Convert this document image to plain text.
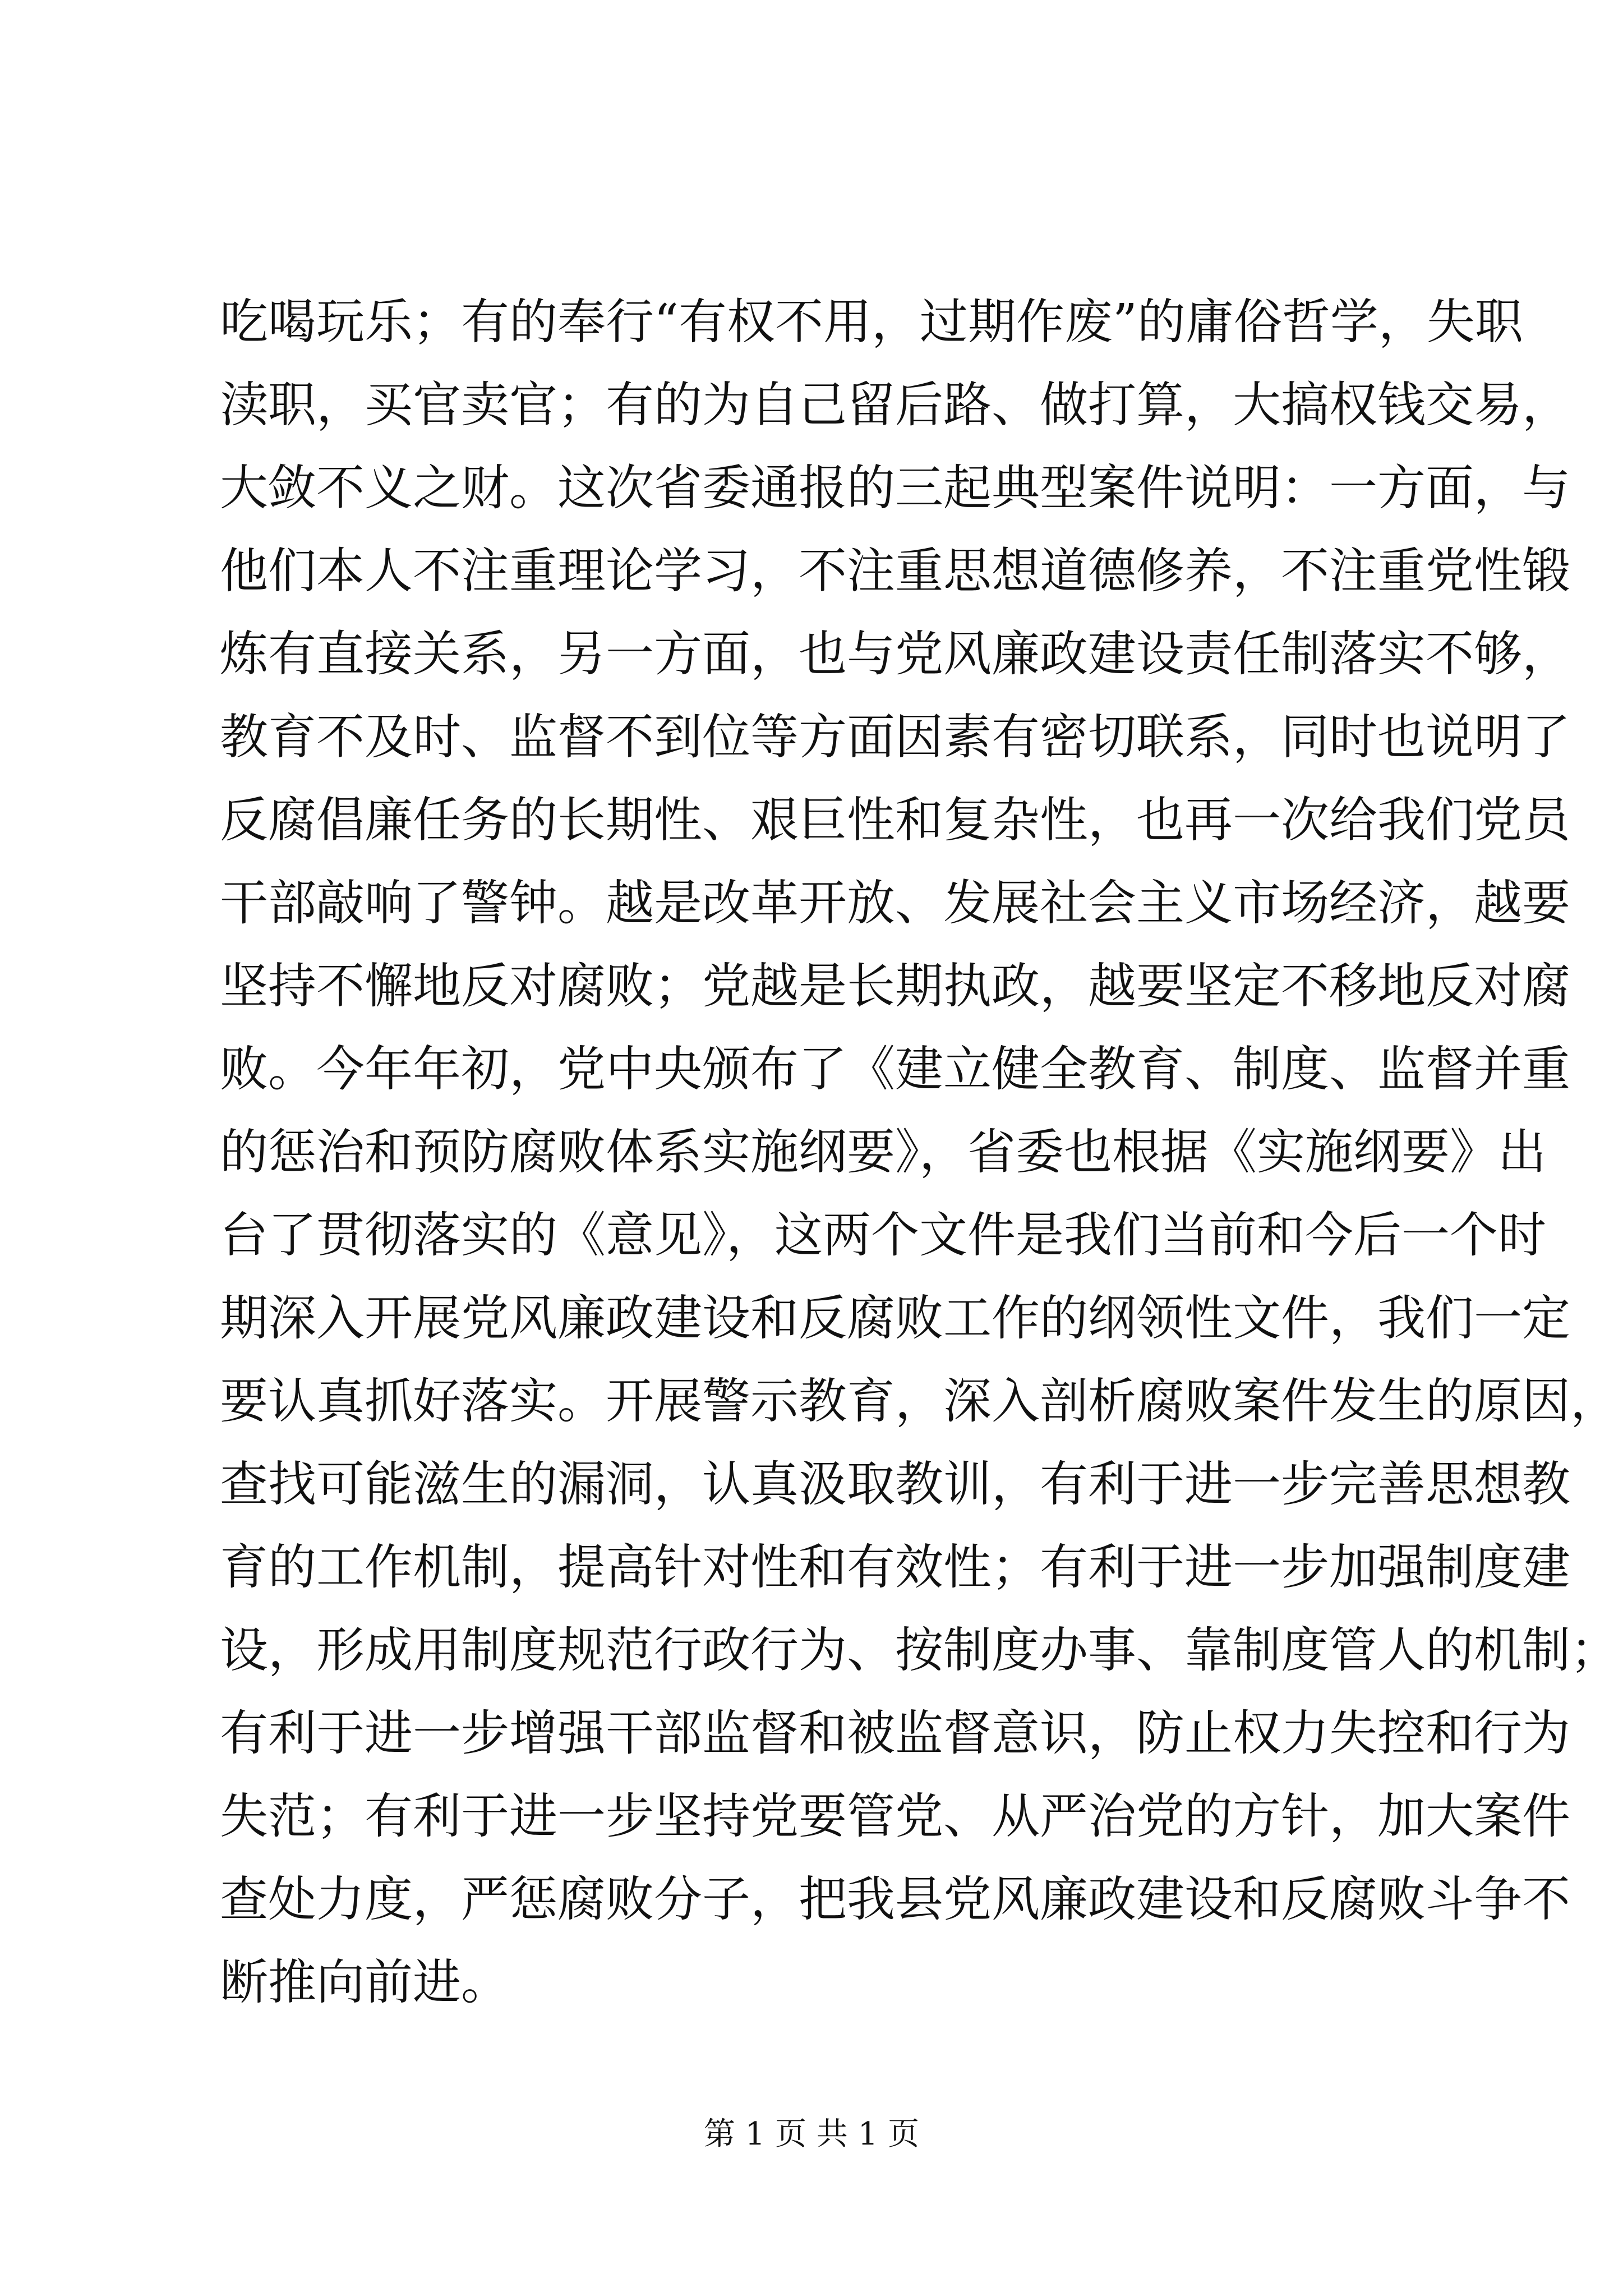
吃喝玩乐；有的奉行“有权不用，过期作废”的庸俗哲学，失职
渎职，买官卖官；有的为自己留后路、做打算，大搞权钱交易，
大敛不义之财。这次省委通报的三起典型案件说明：一方面，与
他们本人不注重理论学习，不注重思想道德修养，不注重党性锻
炼有直接关系，另一方面，也与党风廉政建设责任制落实不够，
教育不及时、监督不到位等方面因素有密切联系，同时也说明了
反腐倡廉任务的长期性、艰巨性和复杂性，也再一次给我们党员
干部敲响了警钟。越是改革开放、发展社会主义市场经济，越要
坚持不懈地反对腐败；党越是长期执政，越要坚定不移地反对腐
败。今年年初，党中央颁布了《建立健全教育、制度、监督并重
的惩治和预防腐败体系实施纲要》，省委也根据《实施纲要》出
台了贯彻落实的《意见》，这两个文件是我们当前和今后一个时
期深入开展党风廉政建设和反腐败工作的纲领性文件，我们一定
要认真抓好落实。开展警示教育，深入剖析腐败案件发生的原因，
查找可能滋生的漏洞，认真汲取教训，有利于进一步完善思想教
育的工作机制，提高针对性和有效性；有利于进一步加强制度建
设，形成用制度规范行政行为、按制度办事、靠制度管人的机制；
有利于进一步增强干部监督和被监督意识，防止权力失控和行为
失范；有利于进一步坚持党要管党、从严治党的方针，加大案件
查处力度，严惩腐败分子，把我县党风廉政建设和反腐败斗争不
断推向前进。
第 1 页 共 1 页
